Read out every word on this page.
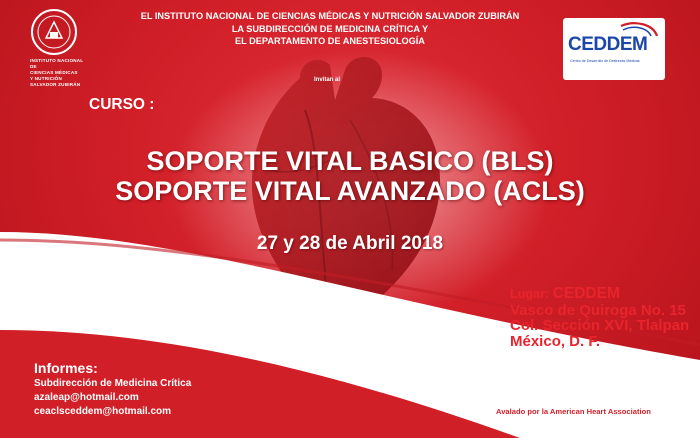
INSTITUTO NACIONAL
DE
CIENCIAS MÉDICAS
Y NUTRICIÓN
SALVADOR ZUBIRÁN
EL INSTITUTO NACIONAL DE CIENCIAS MÉDICAS Y NUTRICIÓN SALVADOR ZUBIRÁN
LA SUBDIRECCIÓN DE MEDICINA CRÍTICA Y
EL DEPARTAMENTO DE ANESTESIOLOGÍA
Invitan al
CEDDEM
Centro de Desarrollo de Destrezas Médicas
CURSO :
SOPORTE VITAL BASICO (BLS)
SOPORTE VITAL AVANZADO (ACLS)
27 y 28 de Abril 2018
Lugar: CEDDEM
Vasco de Quiroga No. 15
Col. Sección XVI, Tlalpan
México, D. F.
Informes:
Subdirección de Medicina Crítica
azaleap@hotmail.com
ceaclsceddem@hotmail.com	Avalado por la American Heart Association
